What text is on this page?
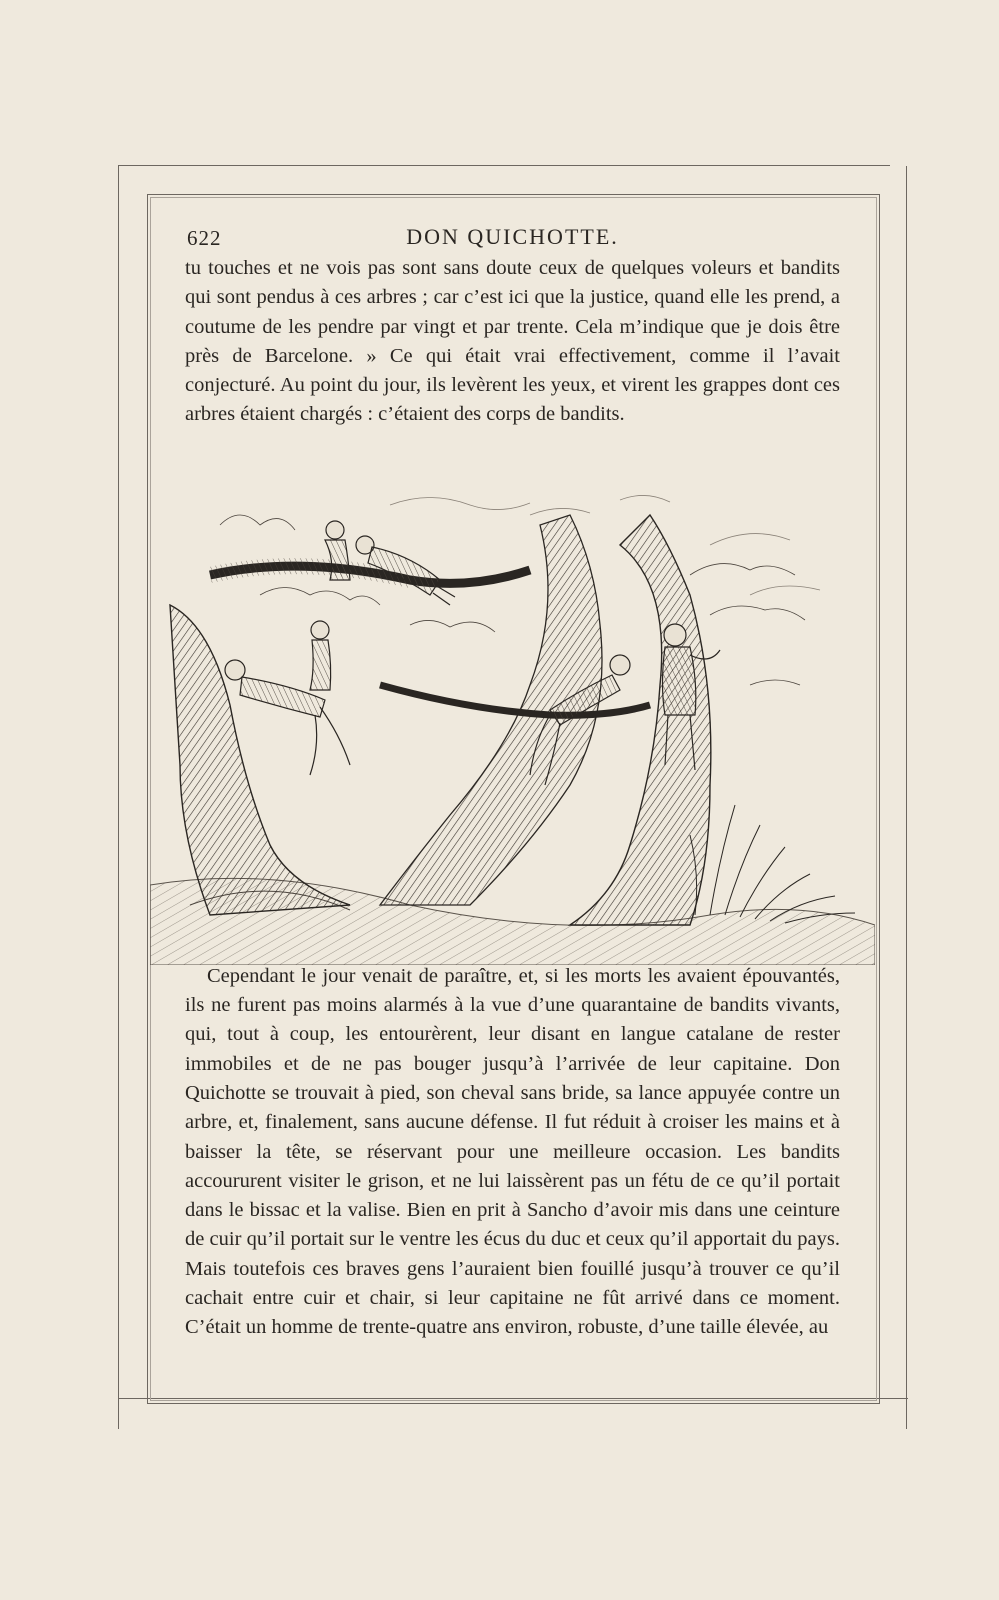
622	DON QUICHOTTE.

tu touches et ne vois pas sont sans doute ceux de quelques voleurs et bandits qui sont pendus à ces arbres ; car c’est ici que la justice, quand elle les prend, a coutume de les pendre par vingt et par trente. Cela m’indique que je dois être près de Barcelone. » Ce qui était vrai effectivement, comme il l’avait conjecturé. Au point du jour, ils levèrent les yeux, et virent les grappes dont ces arbres étaient chargés : c’étaient des corps de bandits.

Cependant le jour venait de paraître, et, si les morts les avaient épouvantés, ils ne furent pas moins alarmés à la vue d’une quarantaine de bandits vivants, qui, tout à coup, les entourèrent, leur disant en langue catalane de rester immobiles et de ne pas bouger jusqu’à l’arrivée de leur capitaine. Don Quichotte se trouvait à pied, son cheval sans bride, sa lance appuyée contre un arbre, et, finalement, sans aucune défense. Il fut réduit à croiser les mains et à baisser la tête, se réservant pour une meilleure occasion. Les bandits accoururent visiter le grison, et ne lui laissèrent pas un fétu de ce qu’il portait dans le bissac et la valise. Bien en prit à Sancho d’avoir mis dans une ceinture de cuir qu’il portait sur le ventre les écus du duc et ceux qu’il apportait du pays. Mais toutefois ces braves gens l’auraient bien fouillé jusqu’à trouver ce qu’il cachait entre cuir et chair, si leur capitaine ne fût arrivé dans ce moment. C’était un homme de trente-quatre ans environ, robuste, d’une taille élevée, au
